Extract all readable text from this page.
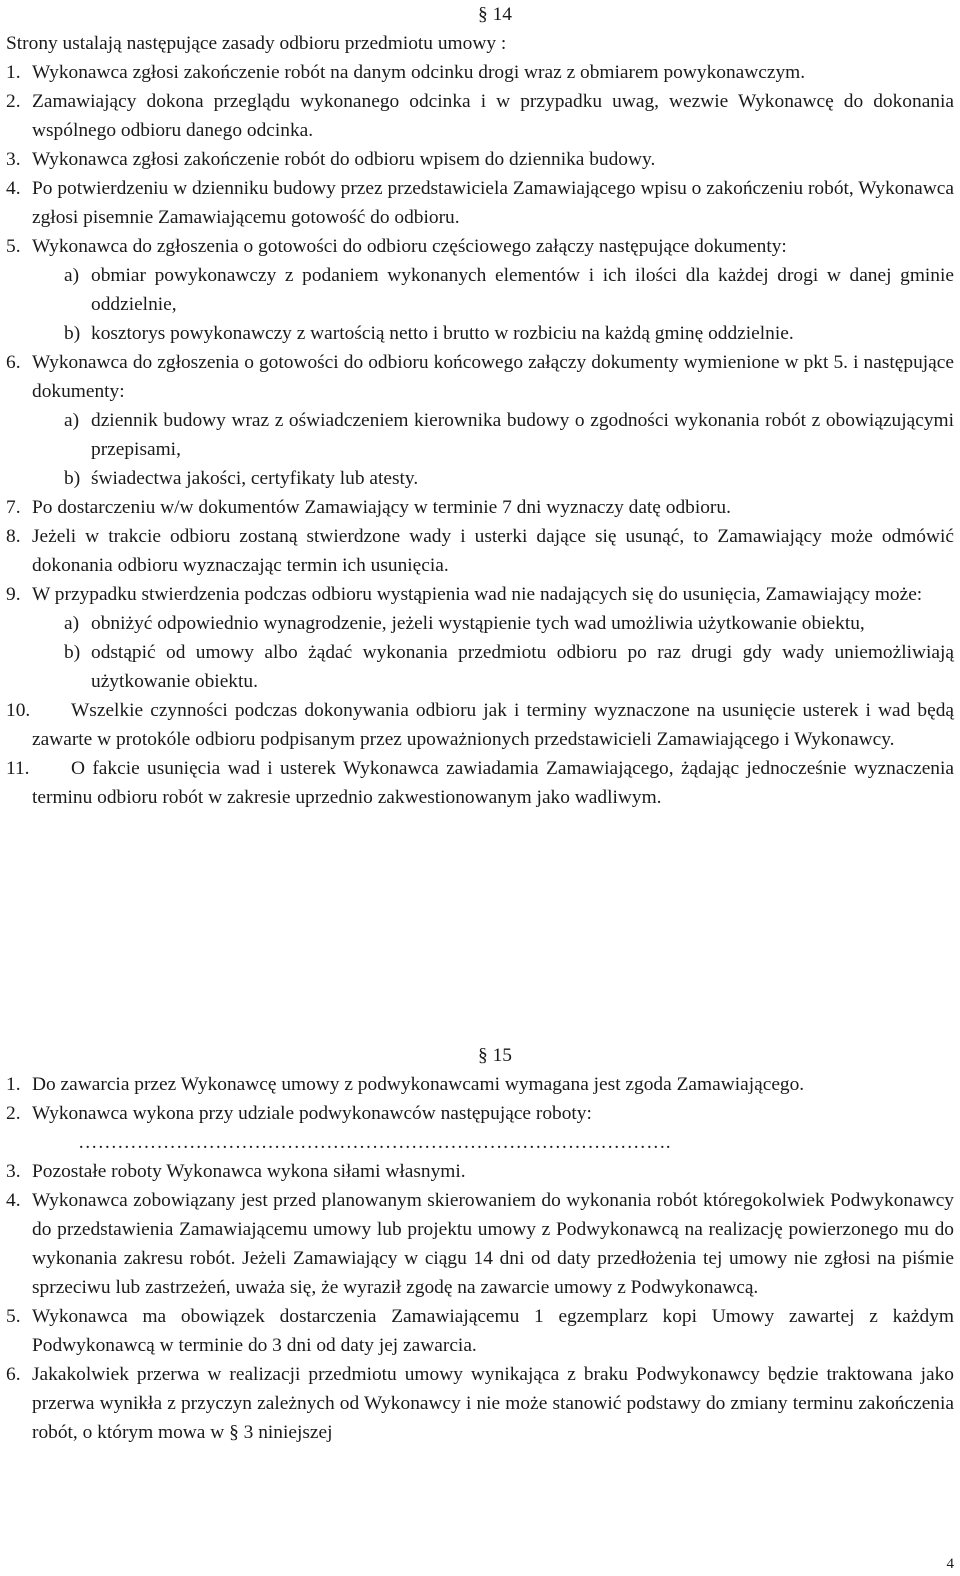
§ 14
Strony ustalają następujące zasady odbioru przedmiotu umowy :
1. Wykonawca zgłosi zakończenie robót na danym odcinku drogi wraz z obmiarem powykonawczym.
2. Zamawiający dokona przeglądu wykonanego odcinka i w przypadku uwag, wezwie Wykonawcę do dokonania wspólnego odbioru danego odcinka.
3. Wykonawca zgłosi zakończenie robót do odbioru wpisem do dziennika budowy.
4. Po potwierdzeniu w dzienniku budowy przez przedstawiciela Zamawiającego wpisu o zakończeniu robót, Wykonawca zgłosi pisemnie Zamawiającemu gotowość do odbioru.
5. Wykonawca do zgłoszenia o gotowości do odbioru częściowego załączy następujące dokumenty:
a) obmiar powykonawczy z podaniem wykonanych elementów i ich ilości dla każdej drogi w danej gminie oddzielnie,
b) kosztorys powykonawczy z wartością netto i brutto w rozbiciu na każdą gminę oddzielnie.
6. Wykonawca do zgłoszenia o gotowości do odbioru końcowego załączy dokumenty wymienione w pkt 5. i następujące dokumenty:
a) dziennik budowy wraz z oświadczeniem kierownika budowy o zgodności wykonania robót z obowiązującymi przepisami,
b) świadectwa jakości, certyfikaty lub atesty.
7. Po dostarczeniu w/w dokumentów Zamawiający w terminie 7 dni wyznaczy datę odbioru.
8. Jeżeli w trakcie odbioru zostaną stwierdzone wady i usterki dające się usunąć, to Zamawiający może odmówić dokonania odbioru wyznaczając termin ich usunięcia.
9. W przypadku stwierdzenia podczas odbioru wystąpienia wad nie nadających się do usunięcia, Zamawiający może:
a) obniżyć odpowiednio wynagrodzenie, jeżeli wystąpienie tych wad umożliwia użytkowanie obiektu,
b) odstąpić od umowy albo żądać wykonania przedmiotu odbioru po raz drugi gdy wady uniemożliwiają użytkowanie obiektu.
10. Wszelkie czynności podczas dokonywania odbioru jak i terminy wyznaczone na usunięcie usterek i wad będą zawarte w protokóle odbioru podpisanym przez upoważnionych przedstawicieli Zamawiającego i Wykonawcy.
11. O fakcie usunięcia wad i usterek Wykonawca zawiadamia Zamawiającego, żądając jednocześnie wyznaczenia terminu odbioru robót w zakresie uprzednio zakwestionowanym jako wadliwym.
§ 15
1. Do zawarcia przez Wykonawcę umowy z podwykonawcami wymagana jest zgoda Zamawiającego.
2. Wykonawca wykona przy udziale podwykonawców następujące roboty:
……………………………………………………………………………….
3. Pozostałe roboty Wykonawca wykona siłami własnymi.
4. Wykonawca zobowiązany jest przed planowanym skierowaniem do wykonania robót któregokolwiek Podwykonawcy do przedstawienia Zamawiającemu umowy lub projektu umowy z Podwykonawcą na realizację powierzonego mu do wykonania zakresu robót. Jeżeli Zamawiający w ciągu 14 dni od daty przedłożenia tej umowy nie zgłosi na piśmie sprzeciwu lub zastrzeżeń, uważa się, że wyraził zgodę na zawarcie umowy z Podwykonawcą.
5. Wykonawca ma obowiązek dostarczenia Zamawiającemu 1 egzemplarz kopi Umowy zawartej z każdym Podwykonawcą w terminie do 3 dni od daty jej zawarcia.
6. Jakakolwiek przerwa w realizacji przedmiotu umowy wynikająca z braku Podwykonawcy będzie traktowana jako przerwa wynikła z przyczyn zależnych od Wykonawcy i nie może stanowić podstawy do zmiany terminu zakończenia robót, o którym mowa w § 3 niniejszej
4
